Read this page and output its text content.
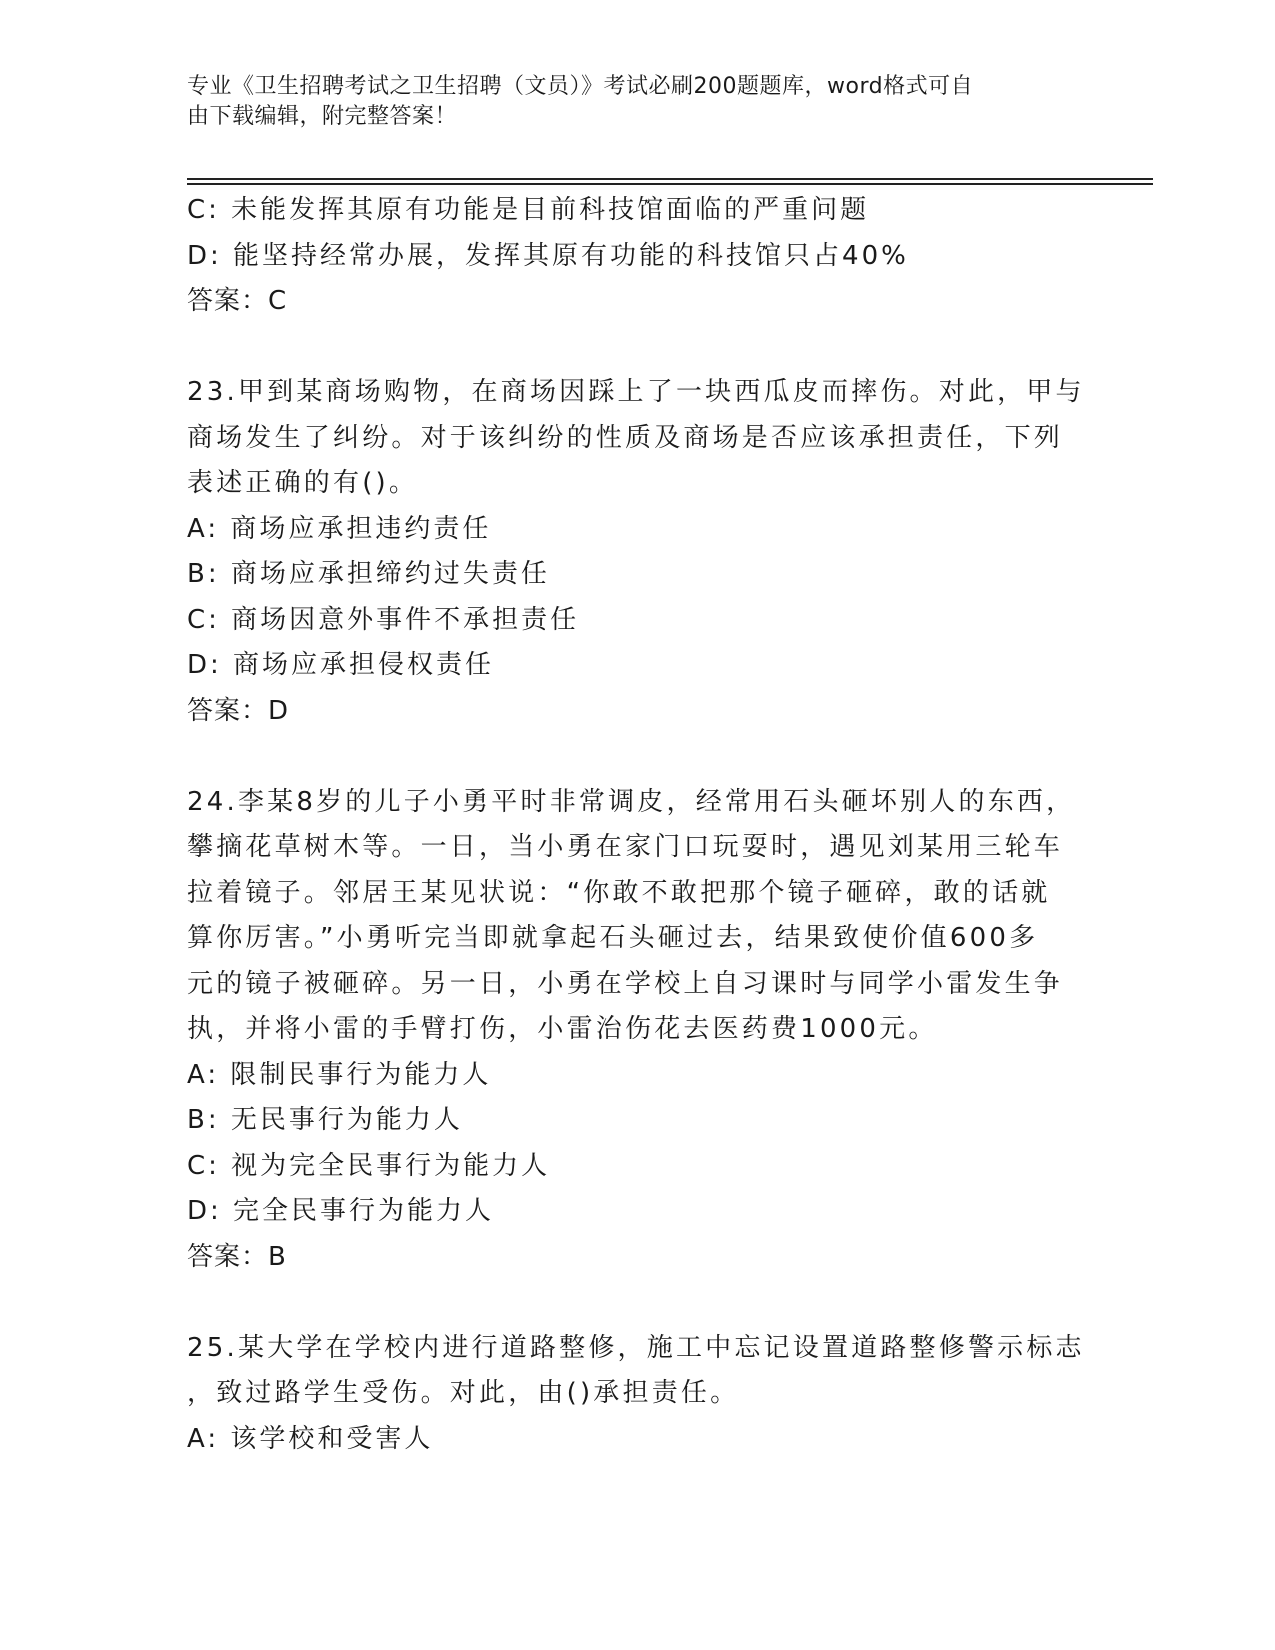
专业《卫生招聘考试之卫生招聘（文员）》考试必刷200题题库，word格式可自
由下载编辑，附完整答案！
C: 未能发挥其原有功能是目前科技馆面临的严重问题
D: 能坚持经常办展，发挥其原有功能的科技馆只占40%
答案：C
23.甲到某商场购物，在商场因踩上了一块西瓜皮而摔伤。对此，甲与
商场发生了纠纷。对于该纠纷的性质及商场是否应该承担责任，下列
表述正确的有()。
A: 商场应承担违约责任
B: 商场应承担缔约过失责任
C: 商场因意外事件不承担责任
D: 商场应承担侵权责任
答案：D
24.李某8岁的儿子小勇平时非常调皮，经常用石头砸坏别人的东西，
攀摘花草树木等。一日，当小勇在家门口玩耍时，遇见刘某用三轮车
拉着镜子。邻居王某见状说：“你敢不敢把那个镜子砸碎，敢的话就
算你厉害。”小勇听完当即就拿起石头砸过去，结果致使价值600多
元的镜子被砸碎。另一日，小勇在学校上自习课时与同学小雷发生争
执，并将小雷的手臂打伤，小雷治伤花去医药费1000元。
A: 限制民事行为能力人
B: 无民事行为能力人
C: 视为完全民事行为能力人
D: 完全民事行为能力人
答案：B
25.某大学在学校内进行道路整修，施工中忘记设置道路整修警示标志
，致过路学生受伤。对此，由()承担责任。
A: 该学校和受害人
